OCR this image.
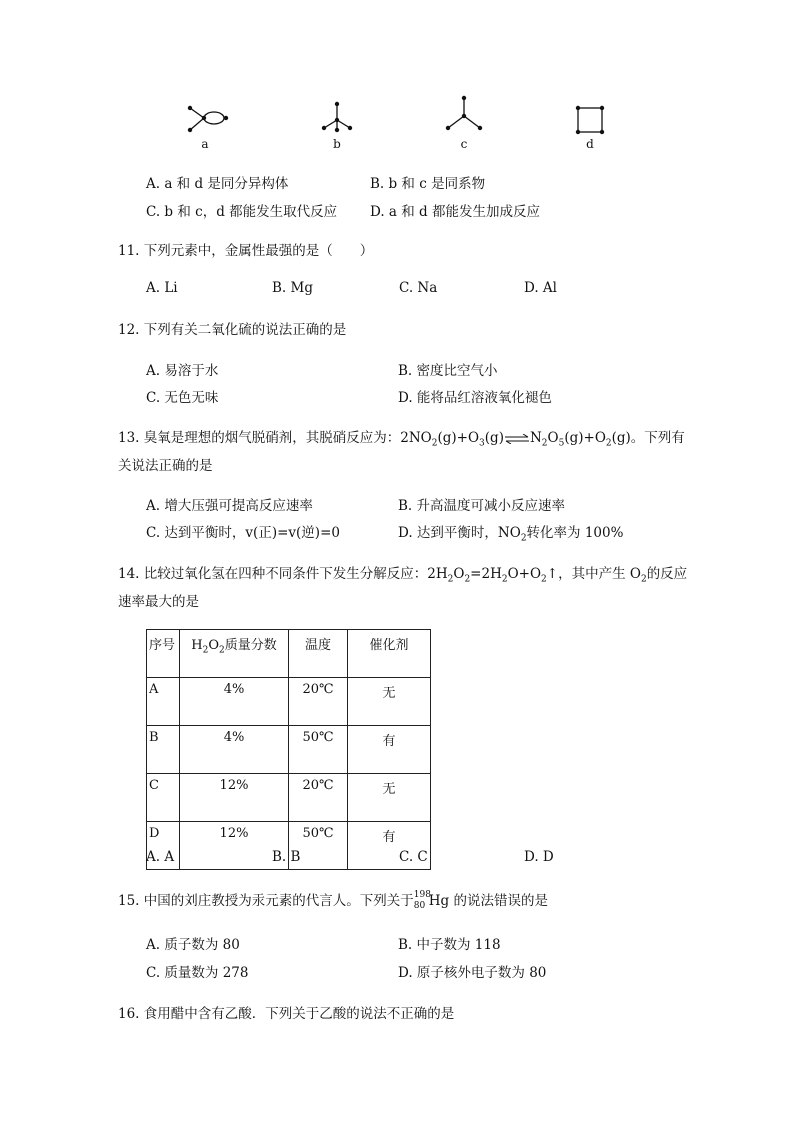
a	b	c	d
A. a 和 d 是同分异构体	B. b 和 c 是同系物
C. b 和 c，d 都能发生取代反应 D. a 和 d 都能发生加成反应
11. 下列元素中，金属性最强的是（　　）
A. Li	B. Mg	C. Na	D. Al
12. 下列有关二氧化硫的说法正确的是
A. 易溶于水	B. 密度比空气小
C. 无色无味	D. 能将品红溶液氧化褪色
13. 臭氧是理想的烟气脱硝剂，其脱硝反应为：$2NO_2(g)+O_3(g)\rightleftharpoons N_2O_5(g)+O_2(g)$。下列有
关说法正确的是
A. 增大压强可提高反应速率	B. 升高温度可减小反应速率
C. 达到平衡时，v(正)=v(逆)=0	D. 达到平衡时，$NO_2$转化率为 100%
14. 比较过氧化氢在四种不同条件下发生分解反应：$2H_2O_2=2H_2O+O_2↑$，其中产生 $O_2$的反应
速率最大的是
序号	$H_2O_2$质量分数	温度	催化剂
A	4%	20℃	无
B	4%	50℃	有
C	12%	20℃	无
D	12%	50℃	有
A. A	B. B	C. C	D. D
15. 中国的刘庄教授为汞元素的代言人。下列关于 198
80 Hg 的说法错误的是
A. 质子数为 80	B. 中子数为 118
C. 质量数为 278	D. 原子核外电子数为 80
16. 食用醋中含有乙酸．下列关于乙酸的说法不正确的是
